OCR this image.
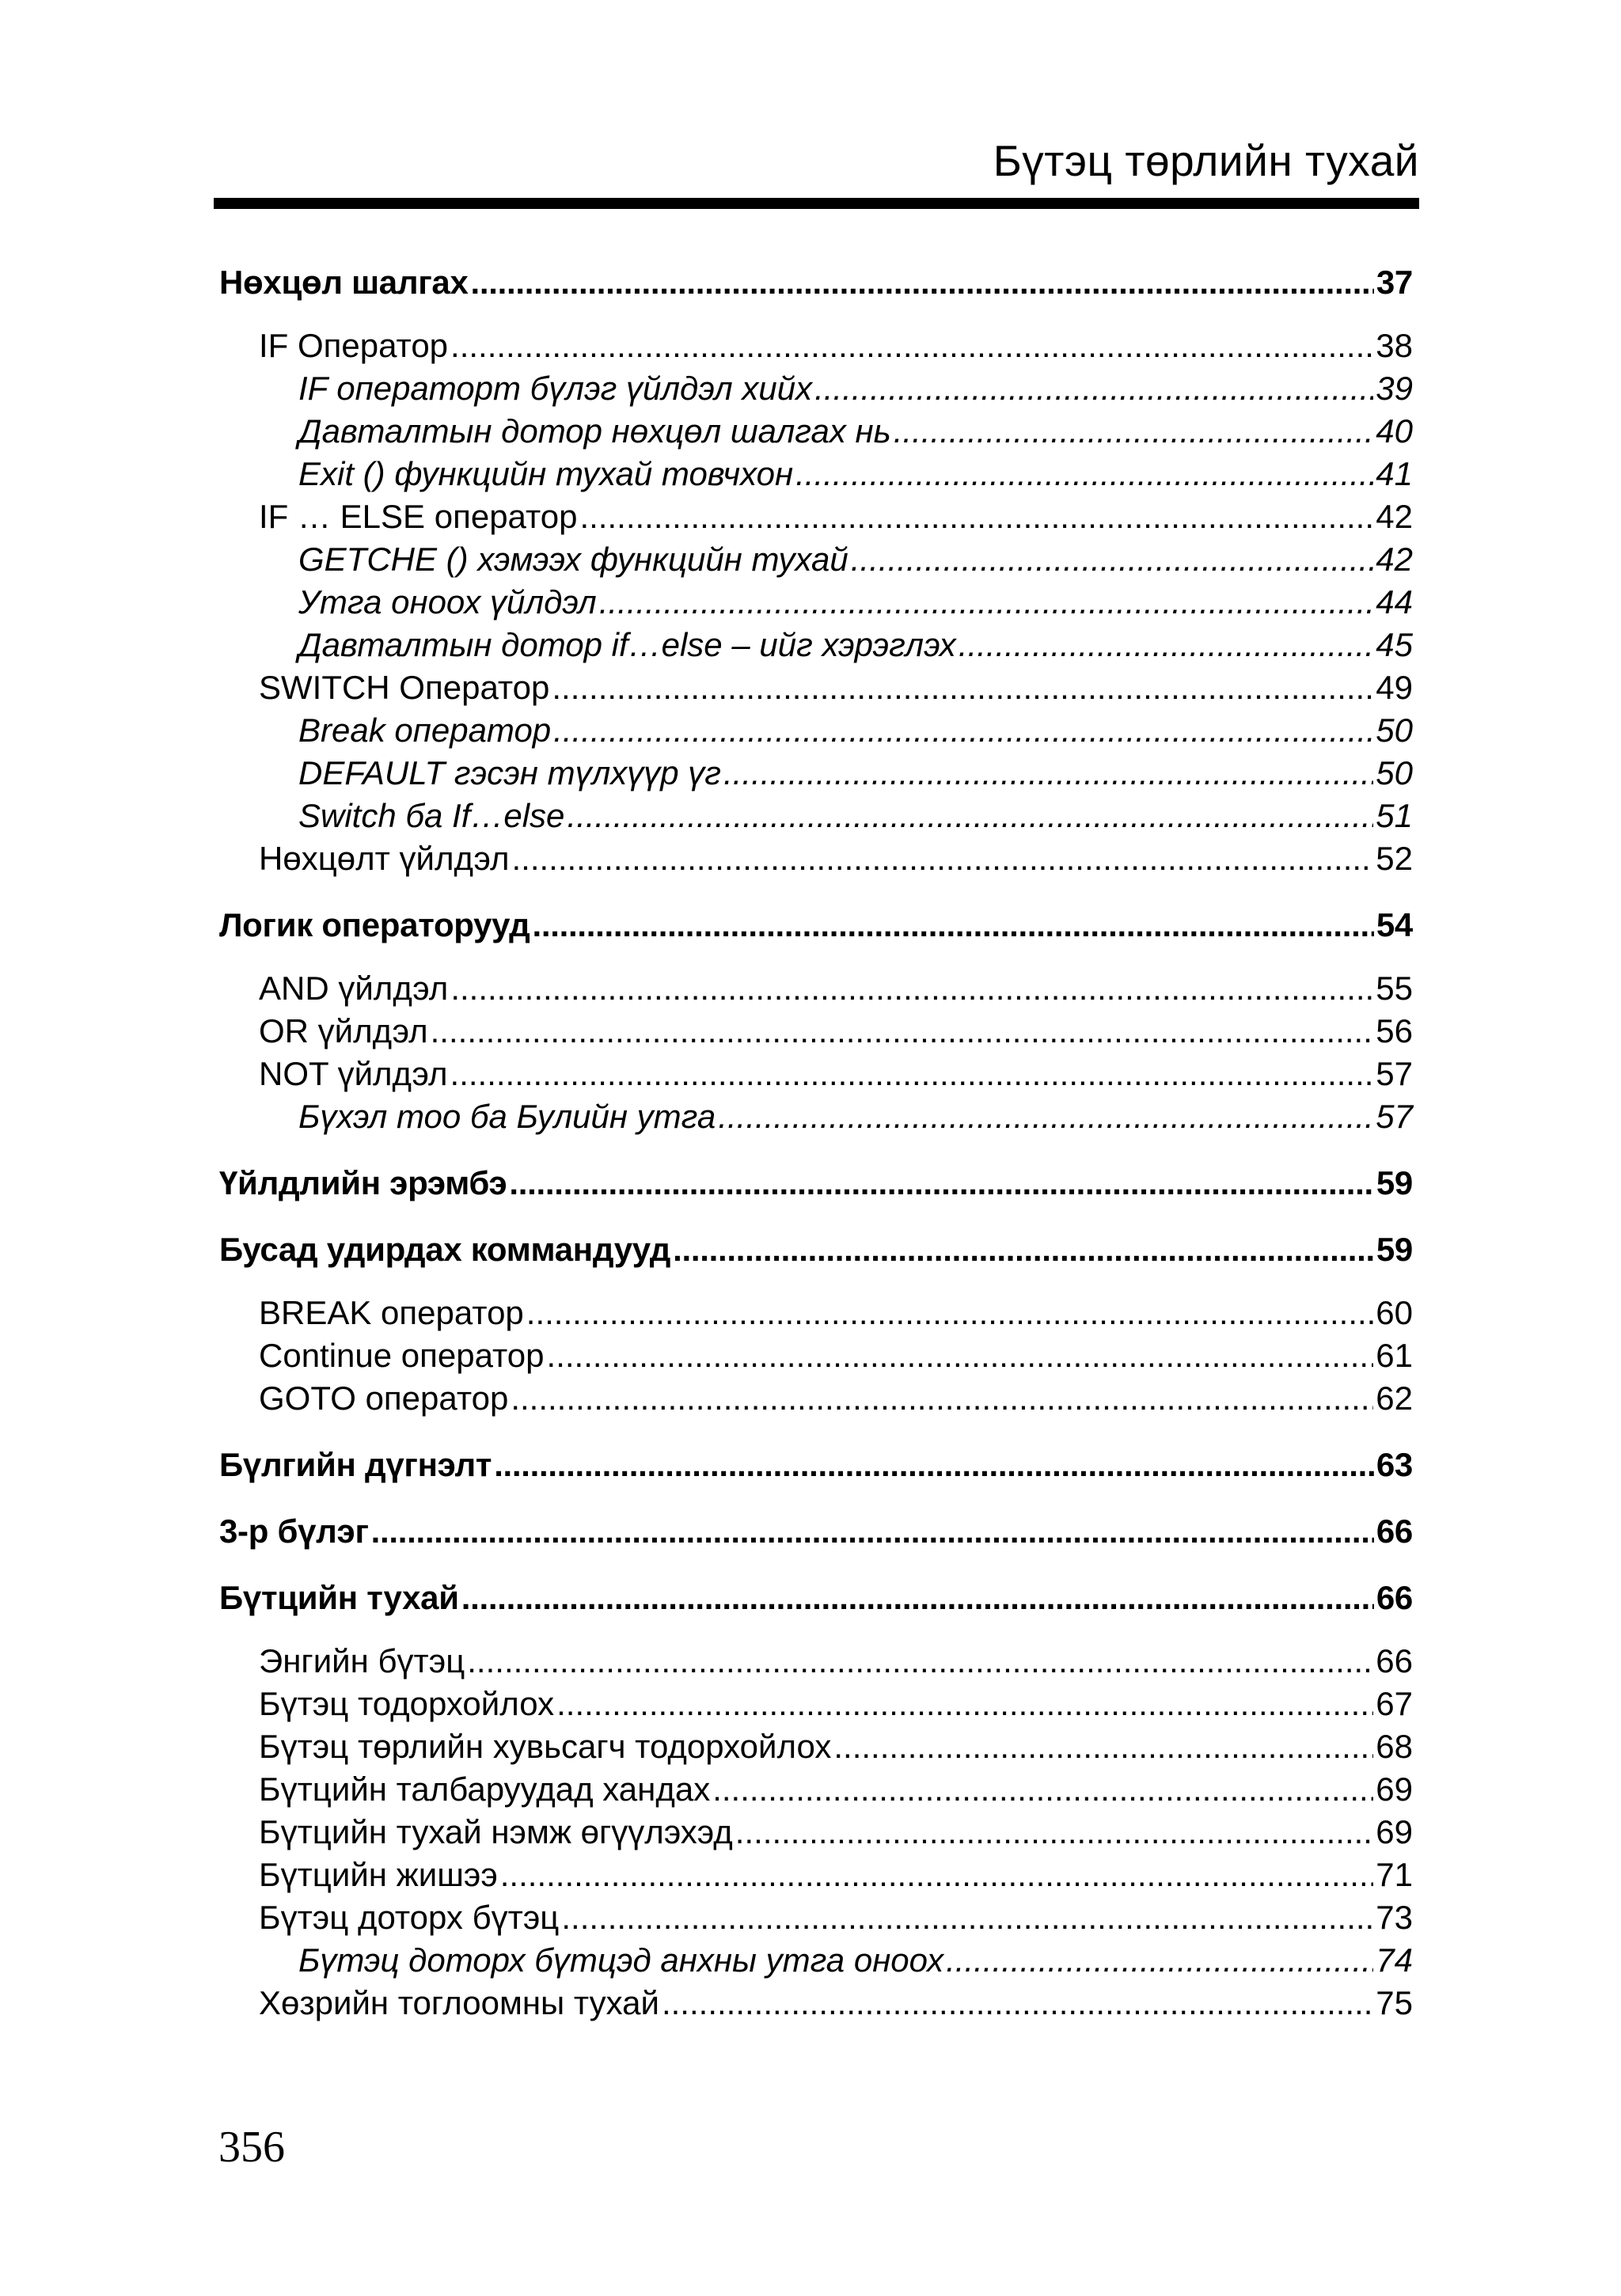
Бүтэц төрлийн тухай
Нөхцөл шалгах .....	37
IF Оператор .....	38
IF операторт бүлэг үйлдэл хийх .....	39
Давталтын дотор нөхцөл шалгах нь .....	40
Exit () функцийн тухай товчхон .....	41
IF … ELSE оператор .....	42
GETCHE () хэмээх функцийн тухай .....	42
Утга оноох үйлдэл .....	44
Давталтын дотор if…else – ийг хэрэглэх .....	45
SWITCH Оператор .....	49
Break оператор .....	50
DEFAULT гэсэн түлхүүр үг .....	50
Switch ба If…else .....	51
Нөхцөлт үйлдэл .....	52
Логик операторууд .....	54
AND үйлдэл .....	55
OR үйлдэл .....	56
NOT үйлдэл .....	57
Бүхэл тоо ба Булийн утга .....	57
Үйлдлийн эрэмбэ .....	59
Бусад удирдах коммандууд .....	59
BREAK оператор .....	60
Continue оператор .....	61
GOTO оператор .....	62
Бүлгийн дүгнэлт .....	63
3-р бүлэг .....	66
Бүтцийн тухай .....	66
Энгийн бүтэц .....	66
Бүтэц тодорхойлох .....	67
Бүтэц төрлийн хувьсагч тодорхойлох .....	68
Бүтцийн талбаруудад хандах .....	69
Бүтцийн тухай нэмж өгүүлэхэд .....	69
Бүтцийн жишээ .....	71
Бүтэц доторх бүтэц .....	73
Бүтэц доторх бүтцэд анхны утга оноох .....	74
Хөзрийн тоглоомны тухай .....	75
356
